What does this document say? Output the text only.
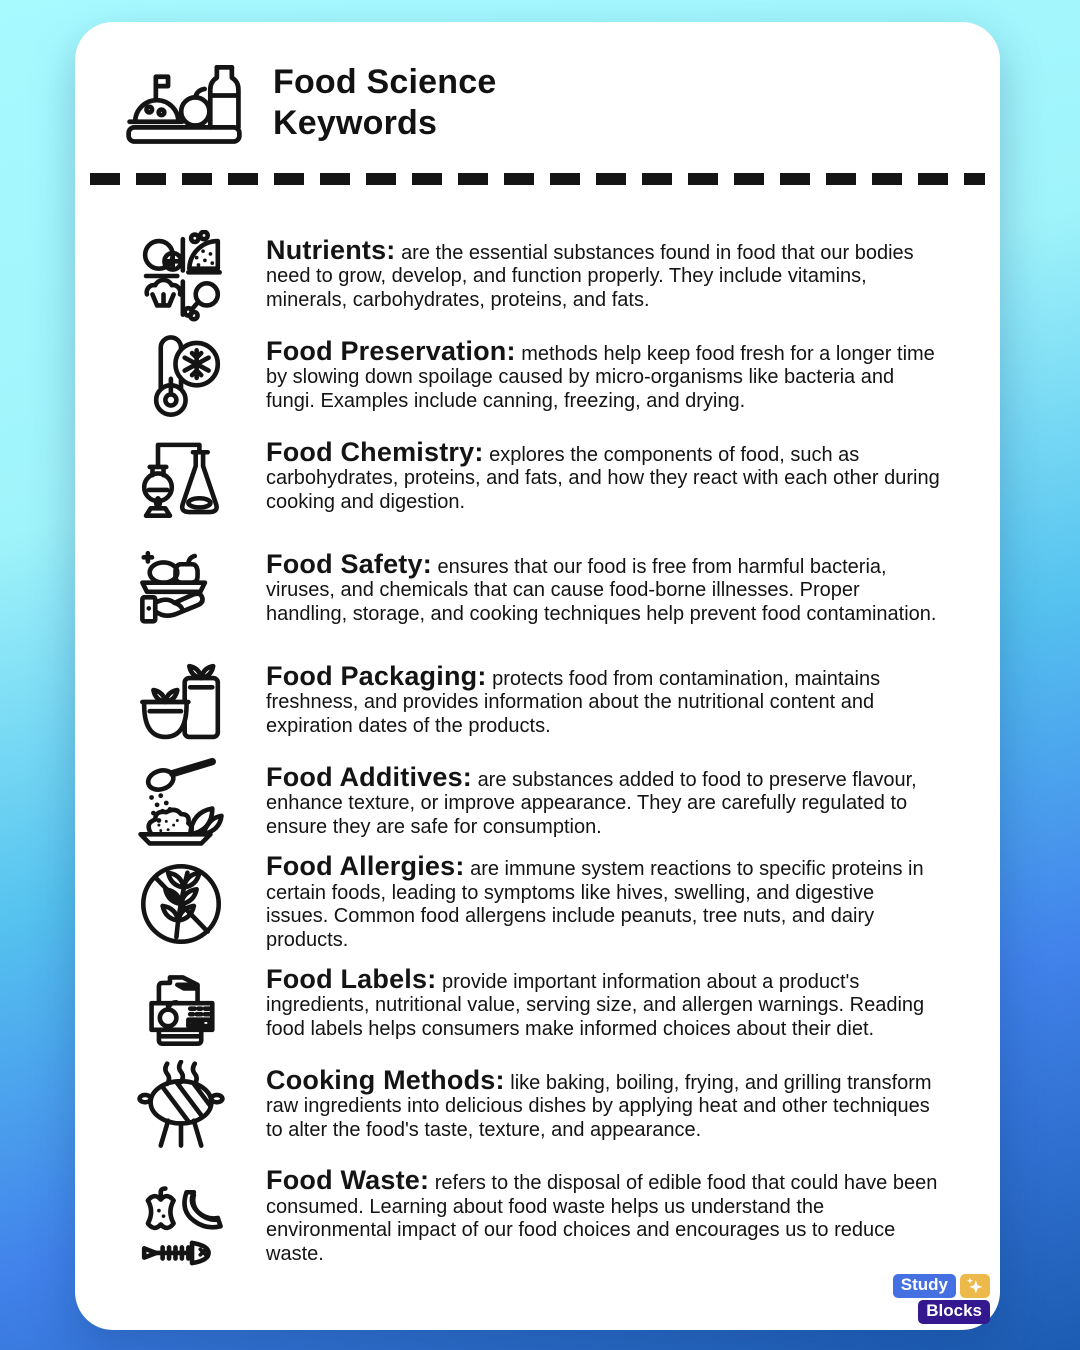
Food Science
Keywords

Nutrients: are the essential substances found in food that our bodies need to grow, develop, and function properly. They include vitamins, minerals, carbohydrates, proteins, and fats.

Food Preservation: methods help keep food fresh for a longer time by slowing down spoilage caused by micro-organisms like bacteria and fungi. Examples include canning, freezing, and drying.

Food Chemistry: explores the components of food, such as carbohydrates, proteins, and fats, and how they react with each other during cooking and digestion.

Food Safety: ensures that our food is free from harmful bacteria, viruses, and chemicals that can cause food-borne illnesses. Proper handling, storage, and cooking techniques help prevent food contamination.

Food Packaging: protects food from contamination, maintains freshness, and provides information about the nutritional content and expiration dates of the products.

Food Additives: are substances added to food to preserve flavour, enhance texture, or improve appearance. They are carefully regulated to ensure they are safe for consumption.

Food Allergies: are immune system reactions to specific proteins in certain foods, leading to symptoms like hives, swelling, and digestive issues. Common food allergens include peanuts, tree nuts, and dairy products.

Food Labels: provide important information about a product's ingredients, nutritional value, serving size, and allergen warnings. Reading food labels helps consumers make informed choices about their diet.

Cooking Methods: like baking, boiling, frying, and grilling transform raw ingredients into delicious dishes by applying heat and other techniques to alter the food's taste, texture, and appearance.

Food Waste: refers to the disposal of edible food that could have been consumed. Learning about food waste helps us understand the environmental impact of our food choices and encourages us to reduce waste.

Study
Blocks
